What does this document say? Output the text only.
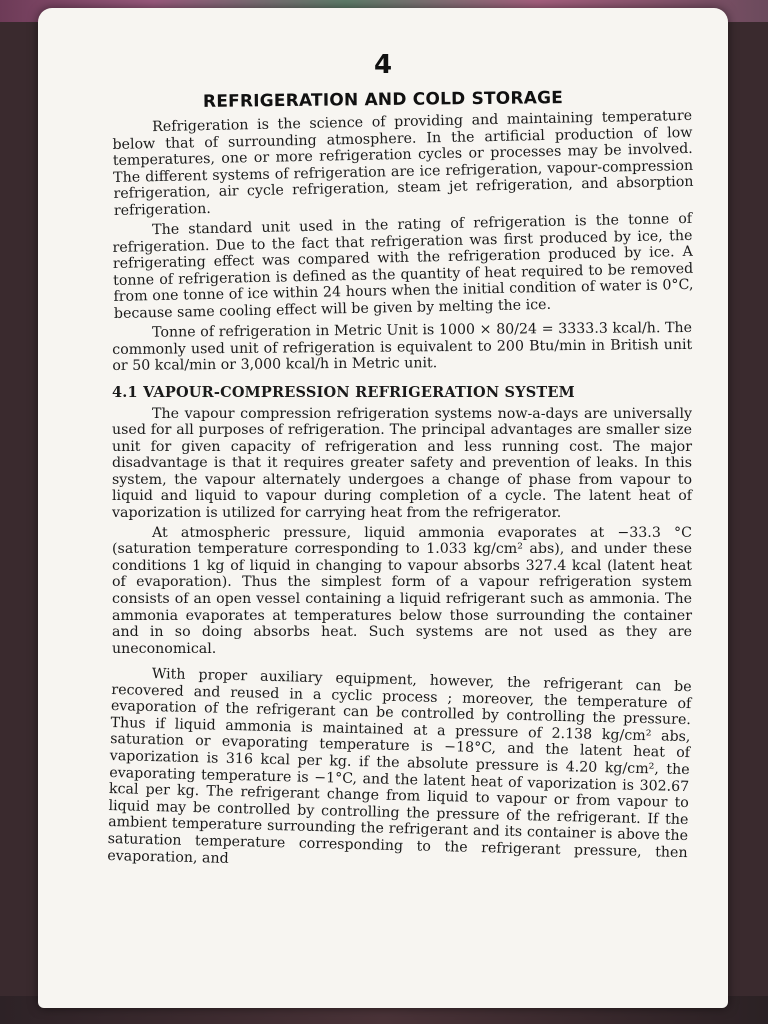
4
REFRIGERATION AND COLD STORAGE

Refrigeration is the science of providing and maintaining temperature below that of surrounding atmosphere. In the artificial production of low temperatures, one or more refrigeration cycles or processes may be involved. The different systems of refrigeration are ice refrigeration, vapour-compression refrigeration, air cycle refrigeration, steam jet refrigeration, and absorption refrigeration.

The standard unit used in the rating of refrigeration is the tonne of refrigeration. Due to the fact that refrigeration was first produced by ice, the refrigerating effect was compared with the refrigeration produced by ice. A tonne of refrigeration is defined as the quantity of heat required to be removed from one tonne of ice within 24 hours when the initial condition of water is 0°C, because same cooling effect will be given by melting the ice.

Tonne of refrigeration in Metric Unit is 1000 × 80/24 = 3333.3 kcal/h. The commonly used unit of refrigeration is equivalent to 200 Btu/min in British unit or 50 kcal/min or 3,000 kcal/h in Metric unit.

4.1 VAPOUR-COMPRESSION REFRIGERATION SYSTEM

The vapour compression refrigeration systems now-a-days are universally used for all purposes of refrigeration. The principal advantages are smaller size unit for given capacity of refrigeration and less running cost. The major disadvantage is that it requires greater safety and prevention of leaks. In this system, the vapour alternately undergoes a change of phase from vapour to liquid and liquid to vapour during completion of a cycle. The latent heat of vaporization is utilized for carrying heat from the refrigerator.

At atmospheric pressure, liquid ammonia evaporates at −33.3 °C (saturation temperature corresponding to 1.033 kg/cm² abs), and under these conditions 1 kg of liquid in changing to vapour absorbs 327.4 kcal (latent heat of evaporation). Thus the simplest form of a vapour refrigeration system consists of an open vessel containing a liquid refrigerant such as ammonia. The ammonia evaporates at temperatures below those surrounding the container and in so doing absorbs heat. Such systems are not used as they are uneconomical.

With proper auxiliary equipment, however, the refrigerant can be recovered and reused in a cyclic process ; moreover, the temperature of evaporation of the refrigerant can be controlled by controlling the pressure. Thus if liquid ammonia is maintained at a pressure of 2.138 kg/cm² abs, saturation or evaporating temperature is −18°C, and the latent heat of vaporization is 316 kcal per kg. if the absolute pressure is 4.20 kg/cm², the evaporating temperature is −1°C, and the latent heat of vaporization is 302.67 kcal per kg. The refrigerant change from liquid to vapour or from vapour to liquid may be controlled by controlling the pressure of the refrigerant. If the ambient temperature surrounding the refrigerant and its container is above the saturation temperature corresponding to the refrigerant pressure, then evaporation, and
